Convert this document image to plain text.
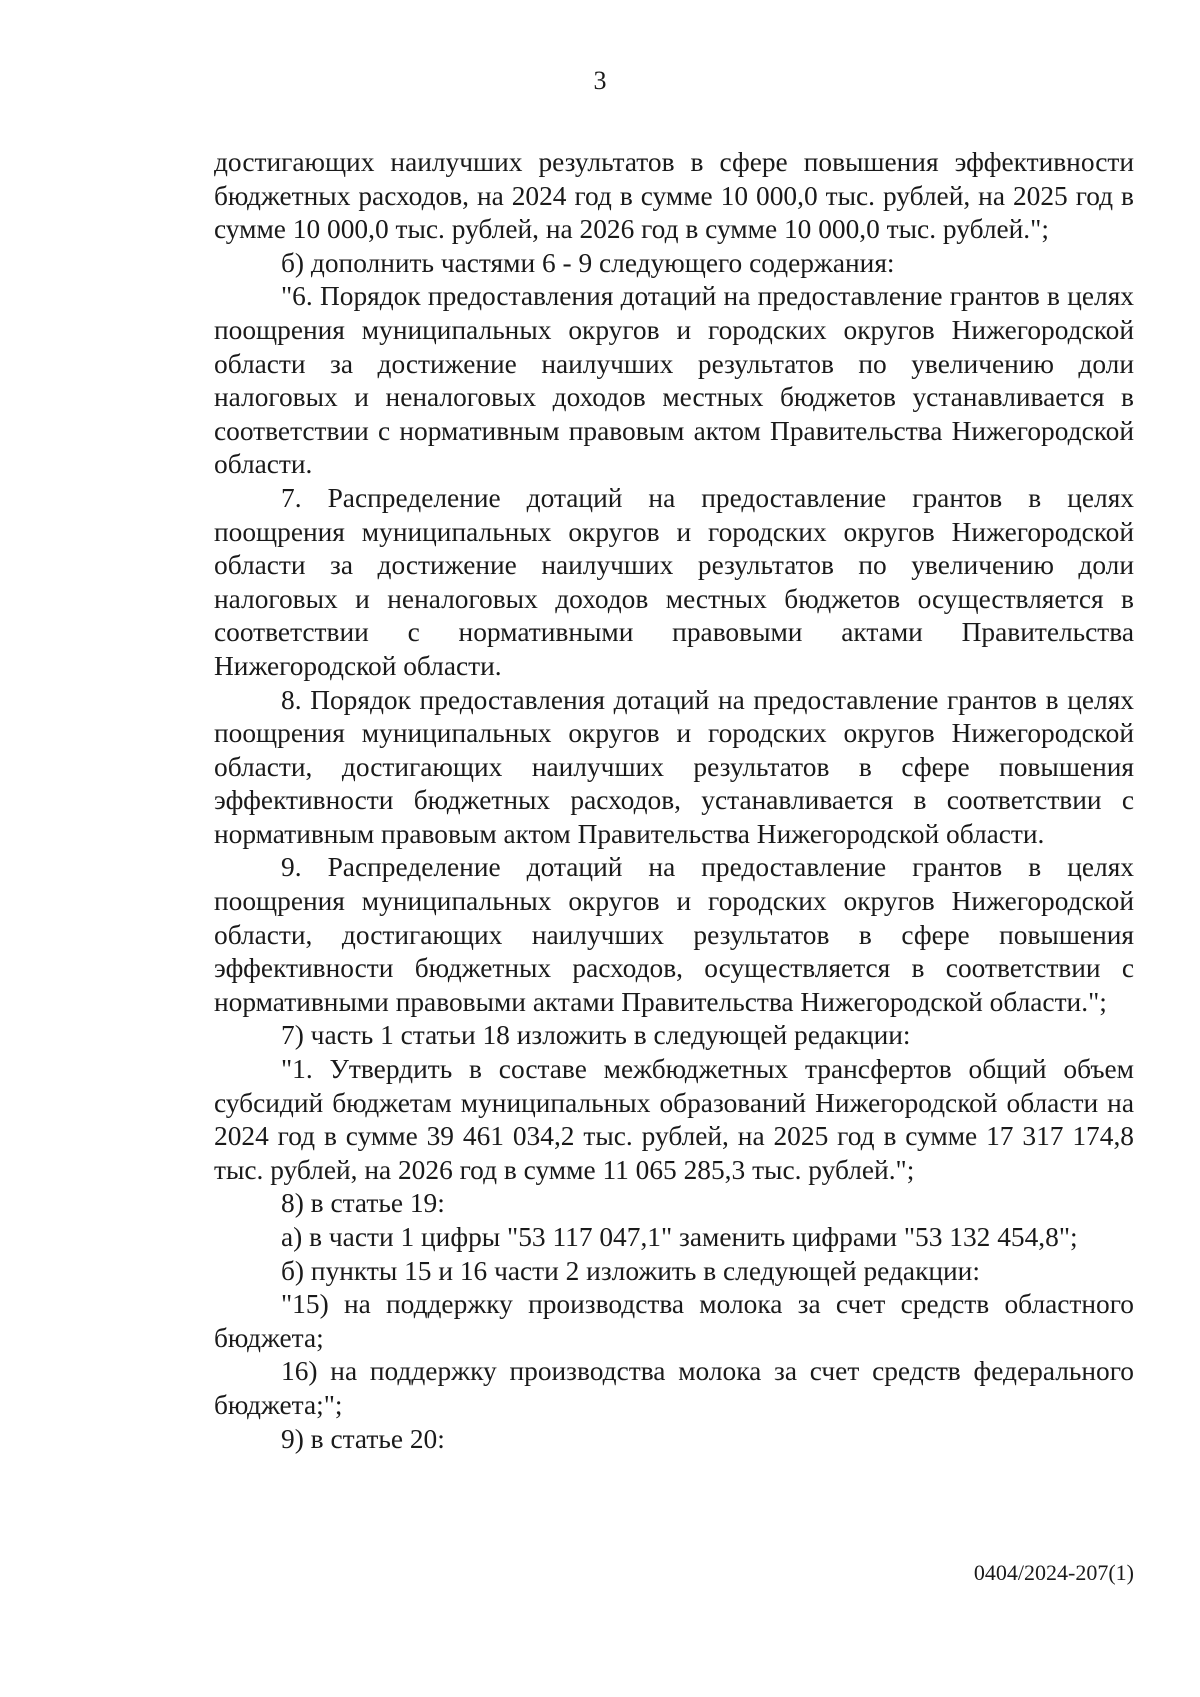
3

достигающих наилучших результатов в сфере повышения эффективности бюджетных расходов, на 2024 год в сумме 10 000,0 тыс. рублей, на 2025 год в сумме 10 000,0 тыс. рублей, на 2026 год в сумме 10 000,0 тыс. рублей.";

б) дополнить частями 6 - 9 следующего содержания:

"6. Порядок предоставления дотаций на предоставление грантов в целях поощрения муниципальных округов и городских округов Нижегородской области за достижение наилучших результатов по увеличению доли налоговых и неналоговых доходов местных бюджетов устанавливается в соответствии с нормативным правовым актом Правительства Нижегородской области.

7. Распределение дотаций на предоставление грантов в целях поощрения муниципальных округов и городских округов Нижегородской области за достижение наилучших результатов по увеличению доли налоговых и неналоговых доходов местных бюджетов осуществляется в соответствии с нормативными правовыми актами Правительства Нижегородской области.

8. Порядок предоставления дотаций на предоставление грантов в целях поощрения муниципальных округов и городских округов Нижегородской области, достигающих наилучших результатов в сфере повышения эффективности бюджетных расходов, устанавливается в соответствии с нормативным правовым актом Правительства Нижегородской области.

9. Распределение дотаций на предоставление грантов в целях поощрения муниципальных округов и городских округов Нижегородской области, достигающих наилучших результатов в сфере повышения эффективности бюджетных расходов, осуществляется в соответствии с нормативными правовыми актами Правительства Нижегородской области.";

7) часть 1 статьи 18 изложить в следующей редакции:

"1. Утвердить в составе межбюджетных трансфертов общий объем субсидий бюджетам муниципальных образований Нижегородской области на 2024 год в сумме 39 461 034,2 тыс. рублей, на 2025 год в сумме 17 317 174,8 тыс. рублей, на 2026 год в сумме 11 065 285,3 тыс. рублей.";

8) в статье 19:

а) в части 1 цифры "53 117 047,1" заменить цифрами "53 132 454,8";

б) пункты 15 и 16 части 2 изложить в следующей редакции:

"15) на поддержку производства молока за счет средств областного бюджета;

16) на поддержку производства молока за счет средств федерального бюджета;";

9) в статье 20:

0404/2024-207(1)
